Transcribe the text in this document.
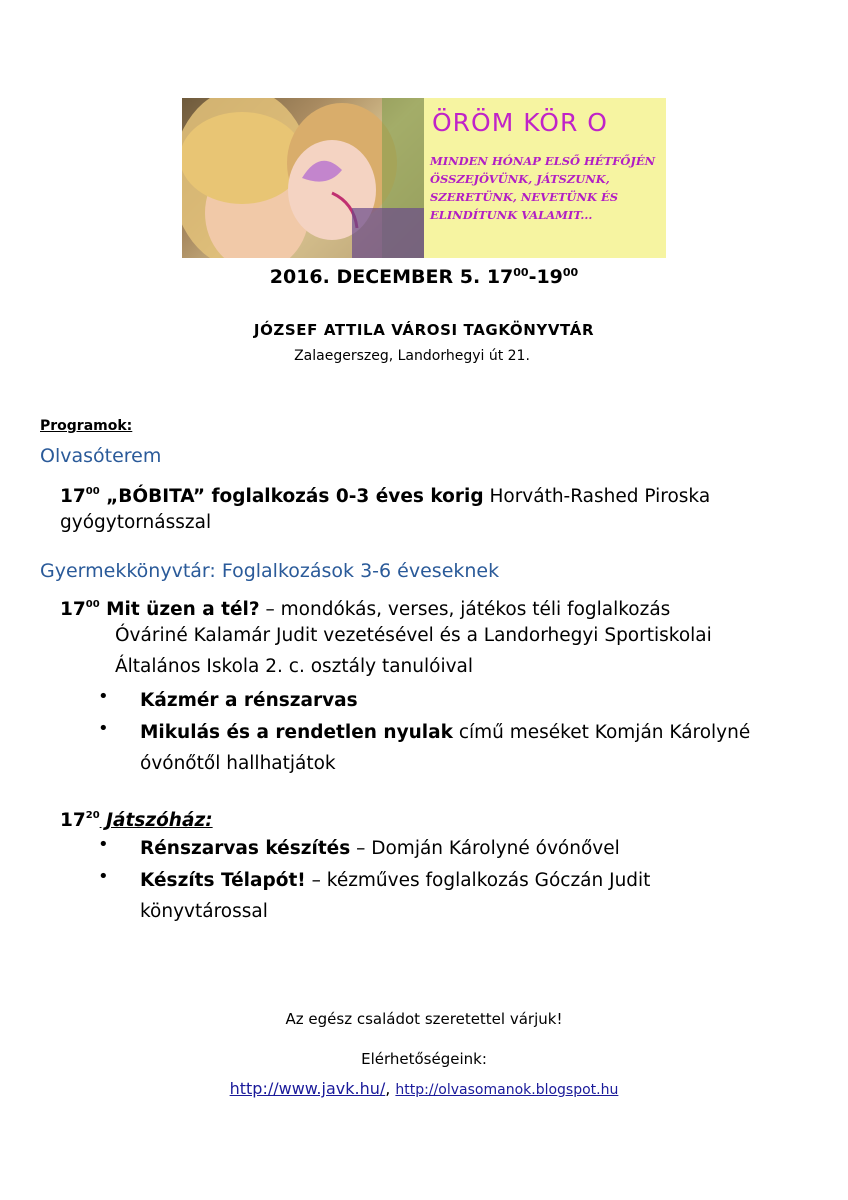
ÖRÖM KÖR O
MINDEN HÓNAP ELSŐ HÉTFŐJÉN ÖSSZEJÖVÜNK, JÁTSZUNK, SZERETÜNK, NEVETÜNK ÉS ELINDÍTUNK VALAMIT...
2016. DECEMBER 5. $17^{00}-19^{00}$
JÓZSEF ATTILA VÁROSI TAGKÖNYVTÁR
Zalaegerszeg, Landorhegyi út 21.
Programok:
Olvasóterem
$17^{00}$ „BÓBITA” foglalkozás 0-3 éves korig Horváth-Rashed Piroska
gyógytornásszal
Gyermekkönyvtár: Foglalkozások 3-6 éveseknek
$17^{00}$ Mit üzen a tél? – mondókás, verses, játékos téli foglalkozás
Óváriné Kalamár Judit vezetésével és a Landorhegyi Sportiskolai
Általános Iskola 2. c. osztály tanulóival
• Kázmér a rénszarvas
• Mikulás és a rendetlen nyulak című meséket Komján Károlyné
óvónőtől hallhatjátok
$17^{20}$ Játszóház:
• Rénszarvas készítés – Domján Károlyné óvónővel
• Készíts Télapót! – kézműves foglalkozás Góczán Judit
könyvtárossal
Az egész családot szeretettel várjuk!
Elérhetőségeink:
http://www.javk.hu/, http://olvasomanok.blogspot.hu
